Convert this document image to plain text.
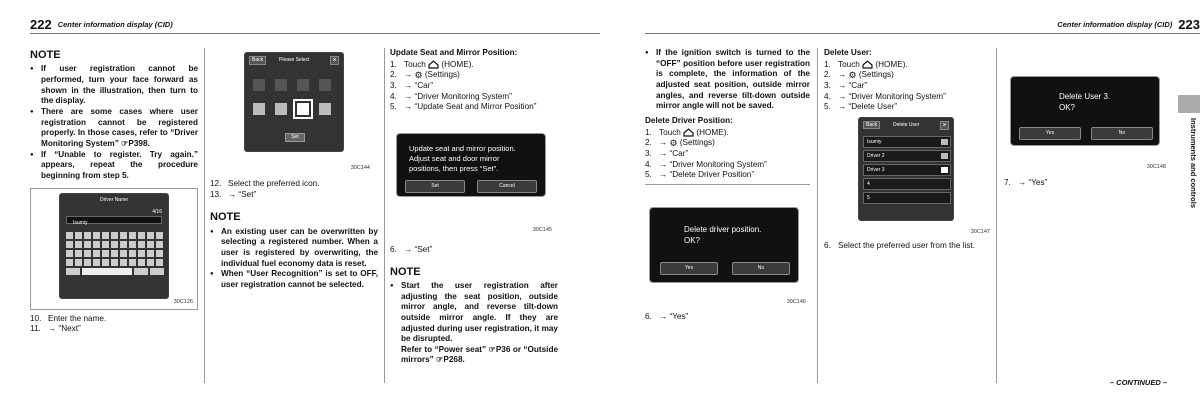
222 Center information display (CID)
NOTE
● If user registration cannot be performed, turn your face forward as shown in the illustration, then turn to the display.
● There are some cases where user registration cannot be registered properly. In those cases, refer to “Driver Monitoring System” ☞P398.
● If “Unable to register. Try again.” appears, repeat the procedure beginning from step 5.
Driver Name
4/16
Isumiy
30C126
10. Enter the name.
11. → “Next”
Back	Please Select	×
Set
30C144
12. Select the preferred icon.
13. → “Set”
NOTE
● An existing user can be overwritten by selecting a registered number. When a user is registered by overwriting, the individual fuel economy data is reset.
● When “User Recognition” is set to OFF, user registration cannot be selected.
Update Seat and Mirror Position:
1. Touch

(HOME).
2. →
⚙
(Settings)
3. → “Car”
4. → “Driver Monitoring System”
5. → “Update Seat and Mirror Position”
Update seat and mirror position.
Adjust seat and door mirror
positions, then press “Set”.
Set	Cancel
30C145
6. → “Set”
NOTE
● Start the user registration after adjusting the seat position, outside mirror angle, and reverse tilt-down outside mirror angle. If they are adjusted during user registration, it may be disrupted.
Refer to “Power seat” ☞P36 or “Outside mirrors” ☞P268.
Center information display (CID) 223
● If the ignition switch is turned to the “OFF” position before user registration is complete, the information of the adjusted seat position, outside mirror angles, and reverse tilt-down outside mirror angle will not be saved.
Delete Driver Position:
1. Touch

(HOME).
2. →
⚙
(Settings)
3. → “Car”
4. → “Driver Monitoring System”
5. → “Delete Driver Position”
Delete driver position.
OK?
Yes	No
30C146
6. → “Yes”
Delete User:
1. Touch

(HOME).
2. →
⚙
(Settings)
3. → “Car”
4. → “Driver Monitoring System”
5. → “Delete User”
Back	Delete User	×
Isumiy
Driver 2
Driver 3
4
5
30C147
6. Select the preferred user from the list.
Delete User 3.
OK?
Yes	No
30C148
7. → “Yes”	Instruments and controls
– CONTINUED –
